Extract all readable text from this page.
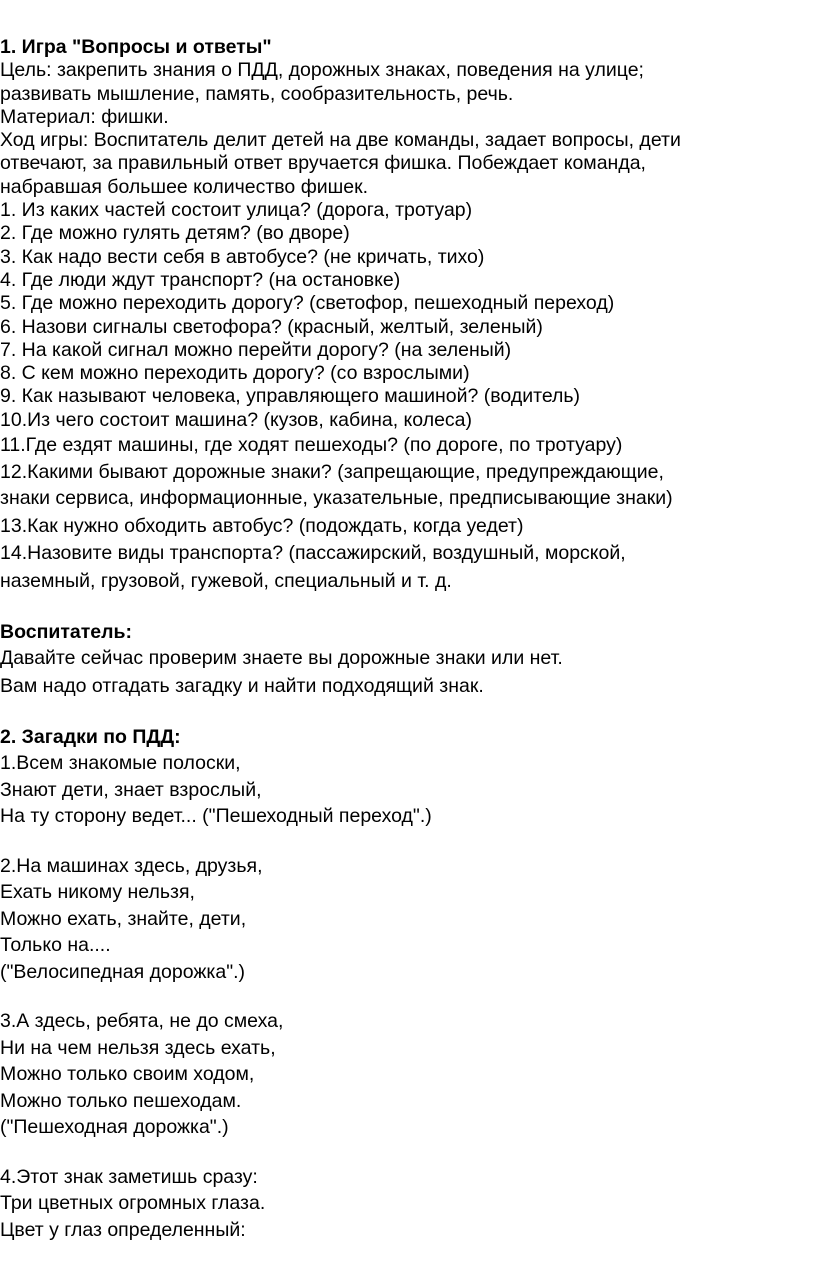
1. Игра "Вопросы и ответы"
Цель: закрепить знания о ПДД, дорожных знаках, поведения на улице;
развивать мышление, память, сообразительность, речь.
Материал: фишки.
Ход игры: Воспитатель делит детей на две команды, задает вопросы, дети
отвечают, за правильный ответ вручается фишка. Побеждает команда,
набравшая большее количество фишек.
1. Из каких частей состоит улица? (дорога, тротуар)
2. Где можно гулять детям? (во дворе)
3. Как надо вести себя в автобусе? (не кричать, тихо)
4. Где люди ждут транспорт? (на остановке)
5. Где можно переходить дорогу? (светофор, пешеходный переход)
6. Назови сигналы светофора? (красный, желтый, зеленый)
7. На какой сигнал можно перейти дорогу? (на зеленый)
8. С кем можно переходить дорогу? (со взрослыми)
9. Как называют человека, управляющего машиной? (водитель)
10.Из чего состоит машина? (кузов, кабина, колеса)
11.Где ездят машины, где ходят пешеходы? (по дороге, по тротуару)
12.Какими бывают дорожные знаки? (запрещающие, предупреждающие,
знаки сервиса, информационные, указательные, предписывающие знаки)
13.Как нужно обходить автобус? (подождать, когда уедет)
14.Назовите виды транспорта? (пассажирский, воздушный, морской,
наземный, грузовой, гужевой, специальный и т. д.
Воспитатель:
Давайте сейчас проверим знаете вы дорожные знаки или нет.
Вам надо отгадать загадку и найти подходящий знак.
2. Загадки по ПДД:
1.Всем знакомые полоски,
Знают дети, знает взрослый,
На ту сторону ведет... ("Пешеходный переход".)
2.На машинах здесь, друзья,
Ехать никому нельзя,
Можно ехать, знайте, дети,
Только на....
("Велосипедная дорожка".)
3.А здесь, ребята, не до смеха,
Ни на чем нельзя здесь ехать,
Можно только своим ходом,
Можно только пешеходам.
("Пешеходная дорожка".)
4.Этот знак заметишь сразу:
Три цветных огромных глаза.
Цвет у глаз определенный:
